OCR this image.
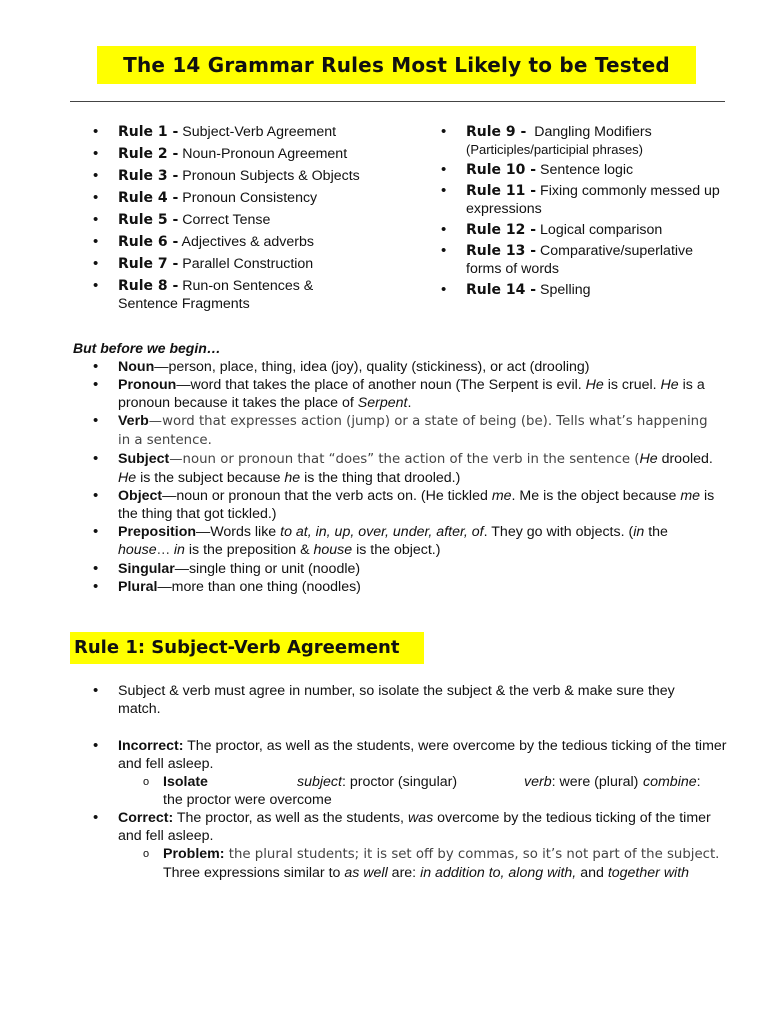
The 14 Grammar Rules Most Likely to be Tested
• Rule 1 - Subject-Verb Agreement
• Rule 2 - Noun-Pronoun Agreement
• Rule 3 - Pronoun Subjects & Objects
• Rule 4 - Pronoun Consistency
• Rule 5 - Correct Tense
• Rule 6 - Adjectives & adverbs
• Rule 7 - Parallel Construction
• Rule 8 - Run-on Sentences & Sentence Fragments
• Rule 9 - Dangling Modifiers
(Participles/participial phrases)
• Rule 10 - Sentence logic
• Rule 11 - Fixing commonly messed up expressions
• Rule 12 - Logical comparison
• Rule 13 - Comparative/superlative forms of words
• Rule 14 - Spelling
But before we begin…
• Noun—person, place, thing, idea (joy), quality (stickiness), or act (drooling)
• Pronoun—word that takes the place of another noun (The Serpent is evil. He is cruel. He is a pronoun because it takes the place of Serpent.
• Verb—word that expresses action (jump) or a state of being (be). Tells what’s happening in a sentence.
• Subject—noun or pronoun that “does” the action of the verb in the sentence (He drooled. He is the subject because he is the thing that drooled.)
• Object—noun or pronoun that the verb acts on. (He tickled me. Me is the object because me is the thing that got tickled.)
• Preposition—Words like to at, in, up, over, under, after, of. They go with objects. (in the house… in is the preposition & house is the object.)
• Singular—single thing or unit (noodle)
• Plural—more than one thing (noodles)
Rule 1: Subject-Verb Agreement
• Subject & verb must agree in number, so isolate the subject & the verb & make sure they match.
• Incorrect: The proctor, as well as the students, were overcome by the tedious ticking of the timer and fell asleep.
o Isolate	subject: proctor (singular)	verb: were (plural) combine:
the proctor were overcome
• Correct: The proctor, as well as the students, was overcome by the tedious ticking of the timer and fell asleep.
o Problem: the plural students; it is set off by commas, so it’s not part of the subject.
Three expressions similar to as well are: in addition to, along with, and together with
